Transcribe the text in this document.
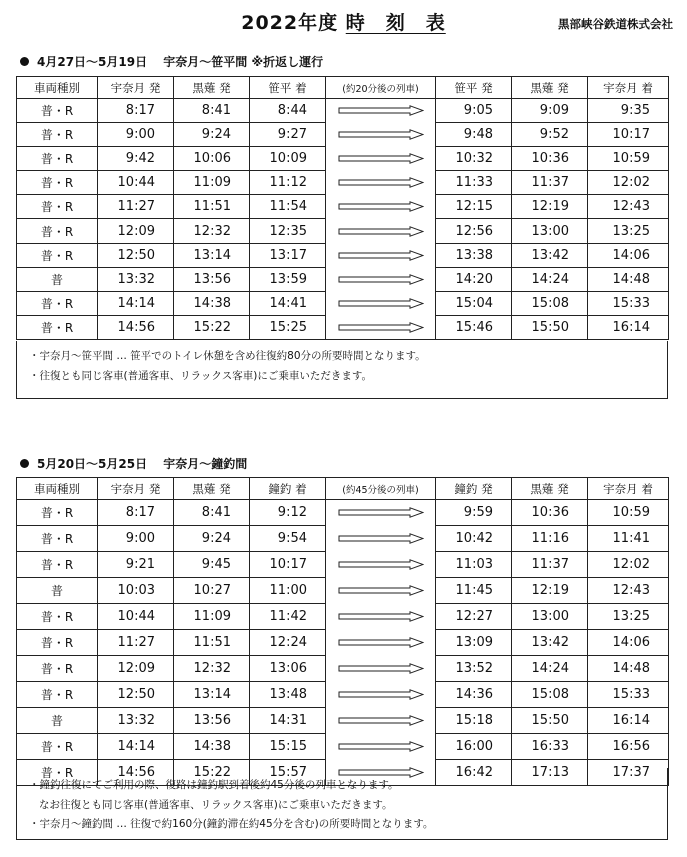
2022年度 時　刻　表	黒部峡谷鉄道株式会社
4月27日～5月19日　 宇奈月～笹平間 ※折返し運行
車両種別	宇奈月 発	黒薙 発	笹平 着	(約20分後の列車)	笹平 発	黒薙 発	宇奈月 着
普・R	8:17	8:41	8:44		9:05	9:09	9:35
普・R	9:00	9:24	9:27		9:48	9:52	10:17
普・R	9:42	10:06	10:09		10:32	10:36	10:59
普・R	10:44	11:09	11:12		11:33	11:37	12:02
普・R	11:27	11:51	11:54		12:15	12:19	12:43
普・R	12:09	12:32	12:35		12:56	13:00	13:25
普・R	12:50	13:14	13:17		13:38	13:42	14:06
普	13:32	13:56	13:59		14:20	14:24	14:48
普・R	14:14	14:38	14:41		15:04	15:08	15:33
普・R	14:56	15:22	15:25		15:46	15:50	16:14
・宇奈月～笹平間 … 笹平でのトイレ休憩を含め往復約80分の所要時間となります。
・往復とも同じ客車(普通客車、リラックス客車)にご乗車いただきます。
5月20日～5月25日　 宇奈月～鐘釣間
車両種別	宇奈月 発	黒薙 発	鐘釣 着	(約45分後の列車)	鐘釣 発	黒薙 発	宇奈月 着
普・R	8:17	8:41	9:12		9:59	10:36	10:59
普・R	9:00	9:24	9:54		10:42	11:16	11:41
普・R	9:21	9:45	10:17		11:03	11:37	12:02
普	10:03	10:27	11:00		11:45	12:19	12:43
普・R	10:44	11:09	11:42		12:27	13:00	13:25
普・R	11:27	11:51	12:24		13:09	13:42	14:06
普・R	12:09	12:32	13:06		13:52	14:24	14:48
普・R	12:50	13:14	13:48		14:36	15:08	15:33
普	13:32	13:56	14:31		15:18	15:50	16:14
普・R	14:14	14:38	15:15		16:00	16:33	16:56
普・R	14:56	15:22	15:57		16:42	17:13	17:37
・鐘釣往復にてご利用の際、復路は鐘釣駅到着後約45分後の列車となります。
なお往復とも同じ客車(普通客車、リラックス客車)にご乗車いただきます。
・宇奈月～鐘釣間 … 往復で約160分(鐘釣滞在約45分を含む)の所要時間となります。
